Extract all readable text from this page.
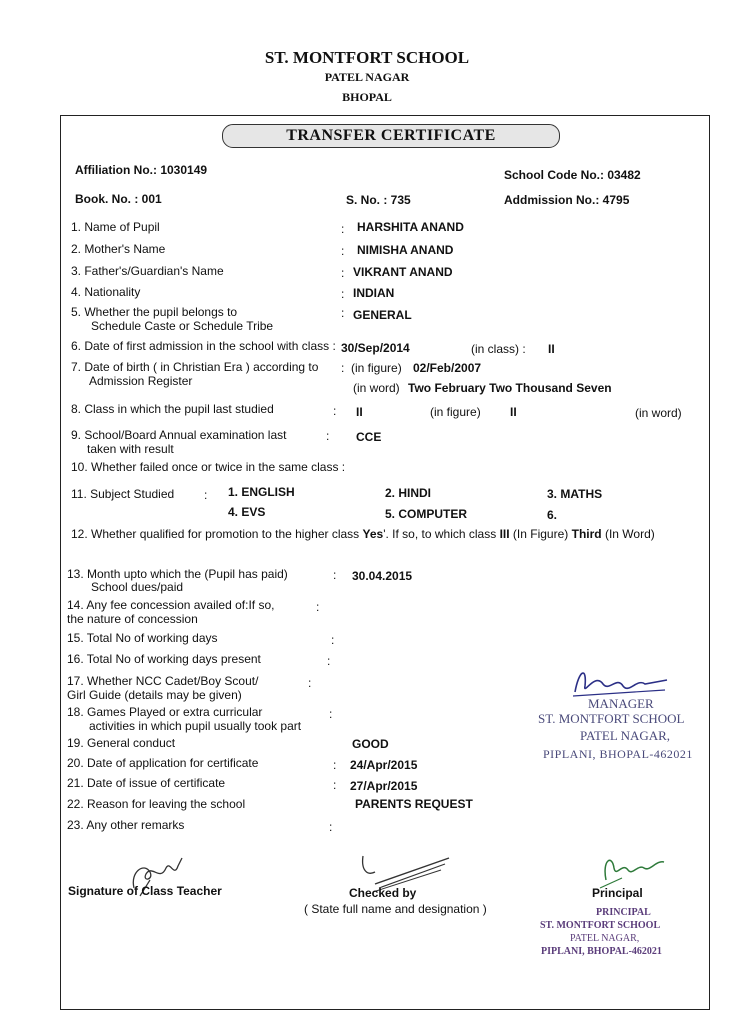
ST. MONTFORT SCHOOL
PATEL NAGAR
BHOPAL
TRANSFER CERTIFICATE
Affiliation No.: 1030149	School Code No.: 03482
Book. No. : 001	S. No. : 735	Addmission No.: 4795
1. Name of Pupil	: HARSHITA ANAND
2. Mother's Name	: NIMISHA ANAND
3. Father's/Guardian's Name	: VIKRANT ANAND
4. Nationality	: INDIAN
5. Whether the pupil belongs to
Schedule Caste or Schedule Tribe
: GENERAL
6. Date of first admission in the school with class : 30/Sep/2014	(in class) : II
7. Date of birth ( in Christian Era ) according to
Admission Register
: (in figure) 02/Feb/2007
(in word) Two February Two Thousand Seven
8. Class in which the pupil last studied	: II	(in figure) II	(in word)
9. School/Board Annual examination last
taken with result
: CCE
10. Whether failed once or twice in the same class :
11. Subject Studied : 1. ENGLISH	2. HINDI	3. MATHS
4. EVS	5. COMPUTER	6.
12. Whether qualified for promotion to the higher class Yes'. If so, to which class III (In Figure) Third (In Word)
13. Month upto which the (Pupil has paid)
School dues/paid
: 30.04.2015
14. Any fee concession availed of:If so,
the nature of concession
:
15. Total No of working days	:
16. Total No of working days present	:
17. Whether NCC Cadet/Boy Scout/
Girl Guide (details may be given)
:
18. Games Played or extra curricular
activities in which pupil usually took part
:
19. General conduct	GOOD
20. Date of application for certificate	: 24/Apr/2015
21. Date of issue of certificate	: 27/Apr/2015
22. Reason for leaving the school	PARENTS REQUEST
23. Any other remarks	:
MANAGER
ST. MONTFORT SCHOOL
PATEL NAGAR,
PIPLANI, BHOPAL-462021
Signature of Class Teacher	Checked by
( State full name and designation )
Principal
PRINCIPAL
ST. MONTFORT SCHOOL
PATEL NAGAR,
PIPLANI, BHOPAL-462021
